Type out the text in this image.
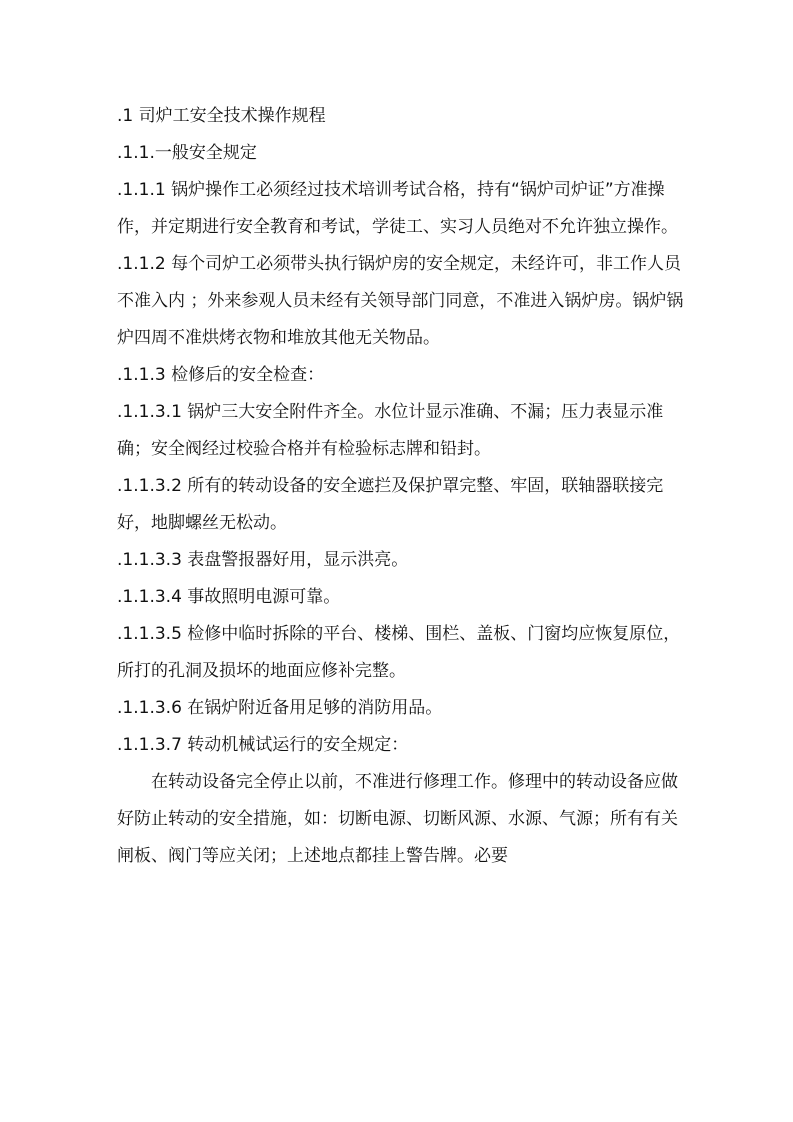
.1 司炉工安全技术操作规程

.1.1.一般安全规定

.1.1.1 锅炉操作工必须经过技术培训考试合格，持有“锅炉司炉证”方准操作，并定期进行安全教育和考试，学徒工、实习人员绝对不允许独立操作。

.1.1.2 每个司炉工必须带头执行锅炉房的安全规定，未经许可，非工作人员不准入内 ；外来参观人员未经有关领导部门同意，不准进入锅炉房。锅炉锅炉四周不准烘烤衣物和堆放其他无关物品。

.1.1.3 检修后的安全检查：

.1.1.3.1 锅炉三大安全附件齐全。水位计显示准确、不漏；压力表显示准确；安全阀经过校验合格并有检验标志牌和铅封。

.1.1.3.2 所有的转动设备的安全遮拦及保护罩完整、牢固，联轴器联接完好，地脚螺丝无松动。

.1.1.3.3 表盘警报器好用，显示洪亮。

.1.1.3.4 事故照明电源可靠。

.1.1.3.5 检修中临时拆除的平台、楼梯、围栏、盖板、门窗均应恢复原位，所打的孔洞及损坏的地面应修补完整。

.1.1.3.6 在锅炉附近备用足够的消防用品。

.1.1.3.7 转动机械试运行的安全规定：

在转动设备完全停止以前，不准进行修理工作。修理中的转动设备应做好防止转动的安全措施，如：切断电源、切断风源、水源、气源；所有有关闸板、阀门等应关闭；上述地点都挂上警告牌。必要
